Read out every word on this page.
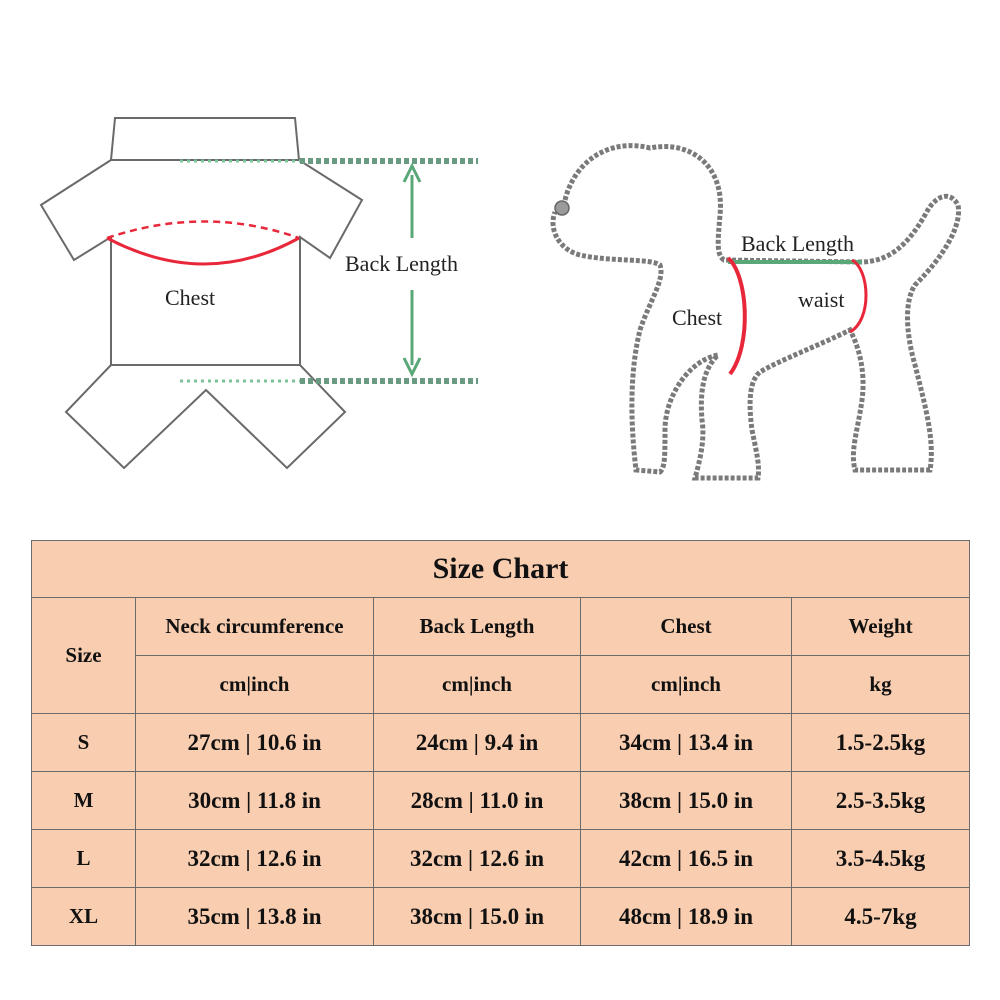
Chest
Back Length
Back Length
Chest
waist
Size Chart				
Size	Neck circumference	Back Length	Chest	Weight
	cm|inch	cm|inch	cm|inch	kg
S	27cm | 10.6 in	24cm | 9.4 in	34cm | 13.4 in	1.5-2.5kg
M	30cm | 11.8 in	28cm | 11.0 in	38cm | 15.0 in	2.5-3.5kg
L	32cm | 12.6 in	32cm | 12.6 in	42cm | 16.5 in	3.5-4.5kg
XL	35cm | 13.8 in	38cm | 15.0 in	48cm | 18.9 in	4.5-7kg
